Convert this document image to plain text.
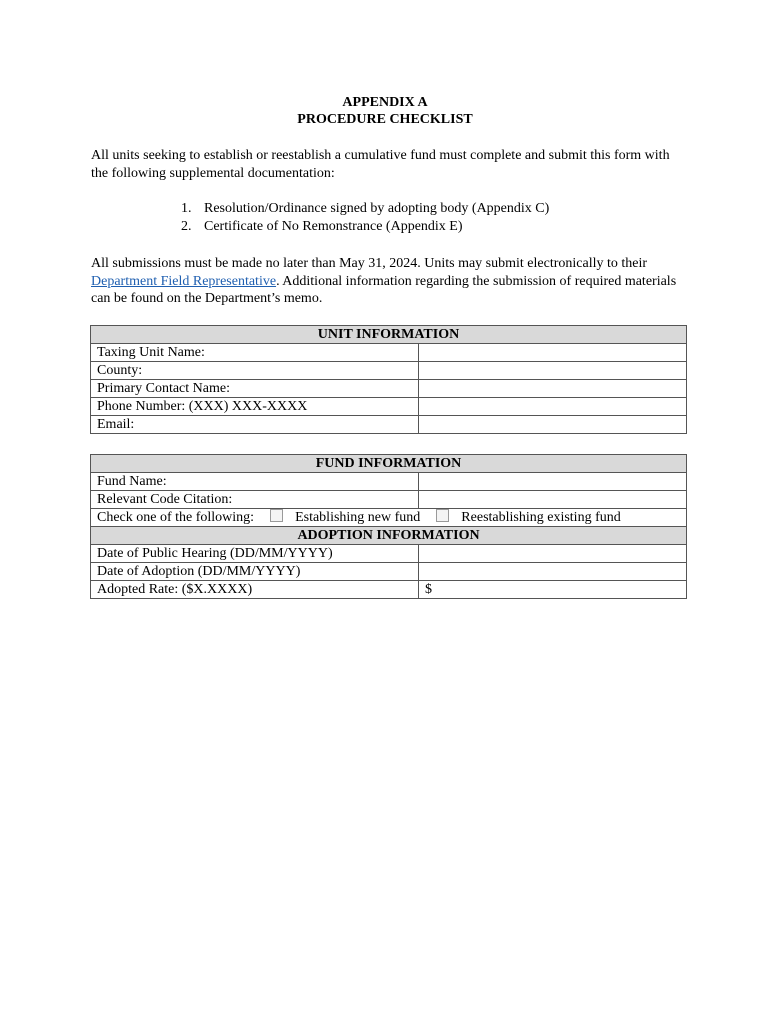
APPENDIX A
PROCEDURE CHECKLIST
All units seeking to establish or reestablish a cumulative fund must complete and submit this form with the following supplemental documentation:
1. Resolution/Ordinance signed by adopting body (Appendix C)
2. Certificate of No Remonstrance (Appendix E)
All submissions must be made no later than May 31, 2024. Units may submit electronically to their Department Field Representative. Additional information regarding the submission of required materials can be found on the Department’s memo.
UNIT INFORMATION	
Taxing Unit Name:	
County:	
Primary Contact Name:	
Phone Number: (XXX) XXX-XXXX	
Email:	
FUND INFORMATION	
Fund Name:	
Relevant Code Citation:	
Check one of the following: Establishing new fund Reestablishing existing fund	
ADOPTION INFORMATION	
Date of Public Hearing (DD/MM/YYYY)	
Date of Adoption (DD/MM/YYYY)	
Adopted Rate: ($X.XXXX)	$
